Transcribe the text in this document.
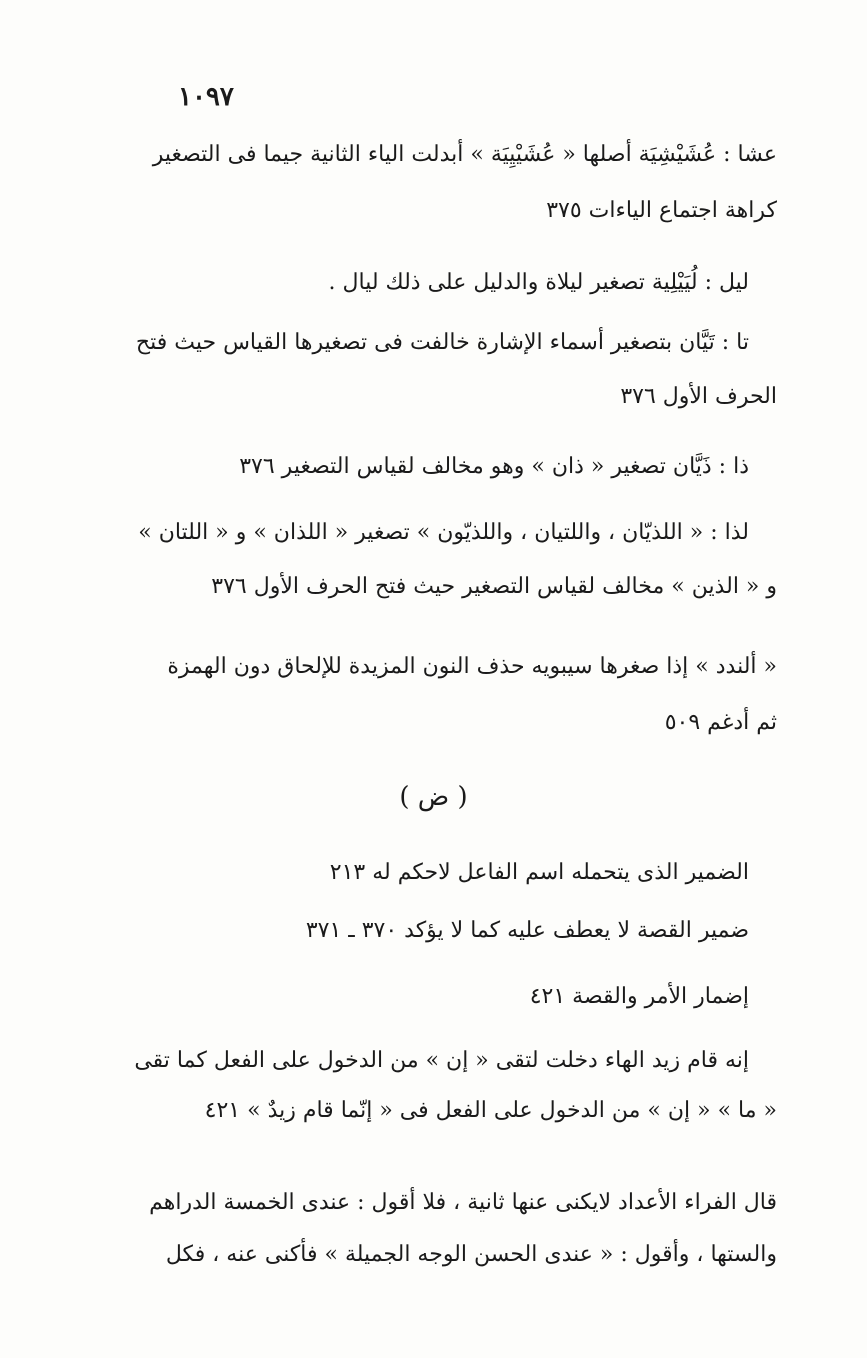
١٠٩٧
عشا : عُشَيْشِيَة أصلها « عُشَيْيِيَة » أبدلت الياء الثانية جيما فى التصغير
كراهة اجتماع الياءات ٣٧٥
ليل : لُيَيْلِية تصغير ليلاة والدليل على ذلك ليال .
تا : تَيَّان بتصغير أسماء الإشارة خالفت فى تصغيرها القياس حيث فتح
الحرف الأول ٣٧٦
ذا : ذَيَّان تصغير « ذان » وهو مخالف لقياس التصغير ٣٧٦
لذا : « اللذيّان ، واللتيان ، واللذيّون » تصغير « اللذان » و « اللتان »
و « الذين » مخالف لقياس التصغير حيث فتح الحرف الأول ٣٧٦
« ألندد » إذا صغرها سيبويه حذف النون المزيدة للإلحاق دون الهمزة
ثم أدغم ٥٠٩
( ض )
الضمير الذى يتحمله اسم الفاعل لاحكم له ٢١٣
ضمير القصة لا يعطف عليه كما لا يؤكد ٣٧٠ ـ ٣٧١
إضمار الأمر والقصة ٤٢١
إنه قام زيد الهاء دخلت لتقى « إن » من الدخول على الفعل كما تقى
« ما » « إن » من الدخول على الفعل فى « إنّما قام زيدٌ » ٤٢١
قال الفراء الأعداد لايكنى عنها ثانية ، فلا أقول : عندى الخمسة الدراهم
والستها ، وأقول : « عندى الحسن الوجه الجميلة » فأكنى عنه ، فكل
